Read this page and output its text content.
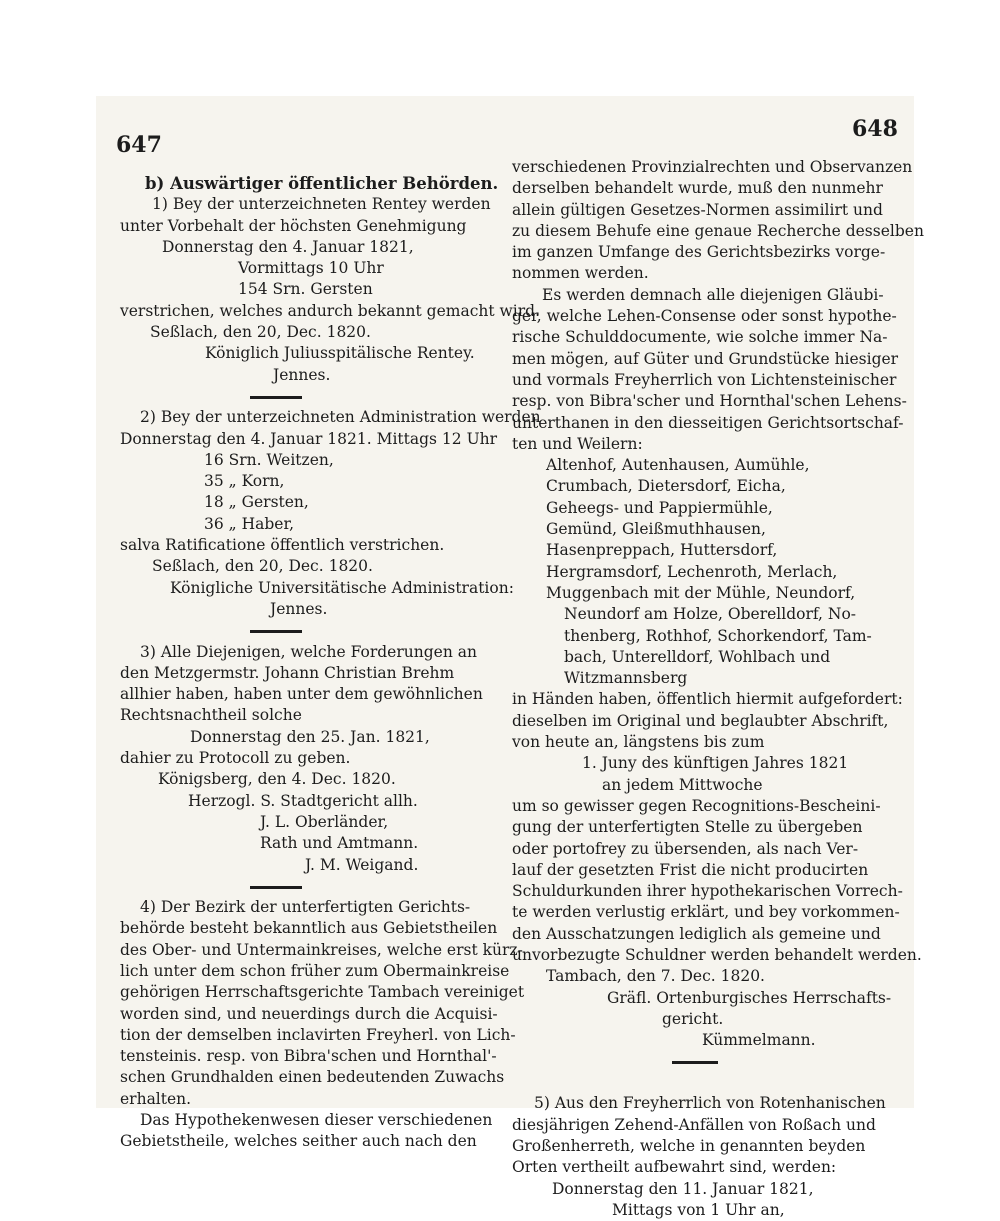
647
648
b) Auswärtiger öffentlicher Behörden.
1) Bey der unterzeichneten Rentey werden
unter Vorbehalt der höchsten Genehmigung
Donnerstag den 4. Januar 1821,
Vormittags 10 Uhr
154 Srn. Gersten
verstrichen, welches andurch bekannt gemacht wird.
Seßlach, den 20, Dec. 1820.
Königlich Juliusspitälische Rentey.
Jennes.
2) Bey der unterzeichneten Administration werden
Donnerstag den 4. Januar 1821. Mittags 12 Uhr
16 Srn. Weitzen,
35 „ Korn,
18 „ Gersten,
36 „ Haber,
salva Ratificatione öffentlich verstrichen.
Seßlach, den 20, Dec. 1820.
Königliche Universitätische Administration:
Jennes.
3) Alle Diejenigen, welche Forderungen an
den Metzgermstr. Johann Christian Brehm
allhier haben, haben unter dem gewöhnlichen
Rechtsnachtheil solche
Donnerstag den 25. Jan. 1821,
dahier zu Protocoll zu geben.
Königsberg, den 4. Dec. 1820.
Herzogl. S. Stadtgericht allh.
J. L. Oberländer,
Rath und Amtmann.
J. M. Weigand.
4) Der Bezirk der unterfertigten Gerichts-
behörde besteht bekanntlich aus Gebietstheilen
des Ober- und Untermainkreises, welche erst kürz-
lich unter dem schon früher zum Obermainkreise
gehörigen Herrschaftsgerichte Tambach vereiniget
worden sind, und neuerdings durch die Acquisi-
tion der demselben inclavirten Freyherl. von Lich-
tensteinis. resp. von Bibra'schen und Hornthal'-
schen Grundhalden einen bedeutenden Zuwachs
erhalten.
Das Hypothekenwesen dieser verschiedenen
Gebietstheile, welches seither auch nach den
verschiedenen Provinzialrechten und Observanzen
derselben behandelt wurde, muß den nunmehr
allein gültigen Gesetzes-Normen assimilirt und
zu diesem Behufe eine genaue Recherche desselben
im ganzen Umfange des Gerichtsbezirks vorge-
nommen werden.
Es werden demnach alle diejenigen Gläubi-
ger, welche Lehen-Consense oder sonst hypothe-
rische Schulddocumente, wie solche immer Na-
men mögen, auf Güter und Grundstücke hiesiger
und vormals Freyherrlich von Lichtensteinischer
resp. von Bibra'scher und Hornthal'schen Lehens-
unterthanen in den diesseitigen Gerichtsortschaf-
ten und Weilern:
Altenhof, Autenhausen, Aumühle,
Crumbach, Dietersdorf, Eicha,
Geheegs- und Pappiermühle,
Gemünd, Gleißmuthhausen,
Hasenpreppach, Huttersdorf,
Hergramsdorf, Lechenroth, Merlach,
Muggenbach mit der Mühle, Neundorf,
Neundorf am Holze, Oberelldorf, No-
thenberg, Rothhof, Schorkendorf, Tam-
bach, Unterelldorf, Wohlbach und
Witzmannsberg
in Händen haben, öffentlich hiermit aufgefordert:
dieselben im Original und beglaubter Abschrift,
von heute an, längstens bis zum
1. Juny des künftigen Jahres 1821
an jedem Mittwoche
um so gewisser gegen Recognitions-Bescheini-
gung der unterfertigten Stelle zu übergeben
oder portofrey zu übersenden, als nach Ver-
lauf der gesetzten Frist die nicht producirten
Schuldurkunden ihrer hypothekarischen Vorrech-
te werden verlustig erklärt, und bey vorkommen-
den Ausschatzungen lediglich als gemeine und
unvorbezugte Schuldner werden behandelt werden.
Tambach, den 7. Dec. 1820.
Gräfl. Ortenburgisches Herrschafts-
gericht.
Kümmelmann.
5) Aus den Freyherrlich von Rotenhanischen
diesjährigen Zehend-Anfällen von Roßach und
Großenherreth, welche in genannten beyden
Orten vertheilt aufbewahrt sind, werden:
Donnerstag den 11. Januar 1821,
Mittags von 1 Uhr an,
